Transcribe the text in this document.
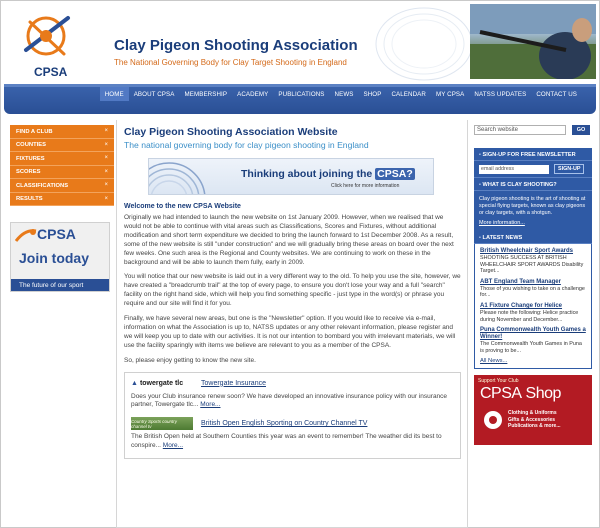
CPSA
Clay Pigeon Shooting Association
The National Governing Body for Clay Target Shooting in England
HOME	ABOUT CPSA	MEMBERSHIP	ACADEMY	PUBLICATIONS	NEWS	SHOP	CALENDAR	MY CPSA	NATSS UPDATES	CONTACT US
FIND A CLUB	×
COUNTIES	×
FIXTURES	×
SCORES	×
CLASSIFICATIONS	×
RESULTS	×
CPSA
Join today
The future of our sport
Clay Pigeon Shooting Association Website
The national governing body for clay pigeon shooting in England
Thinking about joining the CPSA?
Click here for more information
Welcome to the new CPSA Website

Originally we had intended to launch the new website on 1st January 2009. However, when we realised that we would not be able to continue with vital areas such as Classifications, Scores and Fixtures, without additional modification and short term expenditure we decided to bring the launch forward to 1st December 2008. As a result, some of the new website is still "under construction" and we will gradually bring these areas on board over the next few weeks. One such area is the Regional and County websites. We are continuing to work on these in the background and will be able to launch them fully, early in 2009.

You will notice that our new website is laid out in a very different way to the old. To help you use the site, however, we have created a "breadcrumb trail" at the top of every page, to ensure you don't lose your way and a full "search" facility on the right hand side, which will help you find something specific - just type in the word(s) or phrase you require and our site will find it for you.

Finally, we have several new areas, but one is the "Newsletter" option. If you would like to receive via e-mail, information on what the Association is up to, NATSS updates or any other relevant information, please register and we will keep you up to date with our activities. It is not our intention to bombard you with irrelevant materials, we will use the facility sparingly with items we believe are relevant to you as a member of the CPSA.

So, please enjoy getting to know the new site.

▲ towergate tlc	Towergate Insurance
Does your Club insurance renew soon? We have developed an innovative insurance policy with our insurance partner, Towergate tlc... More...
Country Sports country channel tv	British Open English Sporting on Country Channel TV
The British Open held at Southern Counties this year was an event to remember! The weather did its best to conspire... More...
Search website	GO
▪ SIGN-UP FOR FREE NEWSLETTER
email address	SIGN-UP
▪ WHAT IS CLAY SHOOTING?
Clay pigeon shooting is the art of shooting at special flying targets, known as clay pigeons or clay targets, with a shotgun.
More information...
▪ LATEST NEWS
British Wheelchair Sport Awards
SHOOTING SUCCESS AT BRITISH WHEELCHAIR SPORT AWARDS Disability Target...
ABT England Team Manager
Those of you wishing to take on a challenge for...
A1 Fixture Change for Helice
Please note the following: Helice practice during November and December...
Puna Commonwealth Youth Games a Winner!
The Commonwealth Youth Games in Puna is proving to be...
All News...
Support Your Club
CPSA Shop
Clothing & Uniforms
Gifts & Accessories
Publications & more...
